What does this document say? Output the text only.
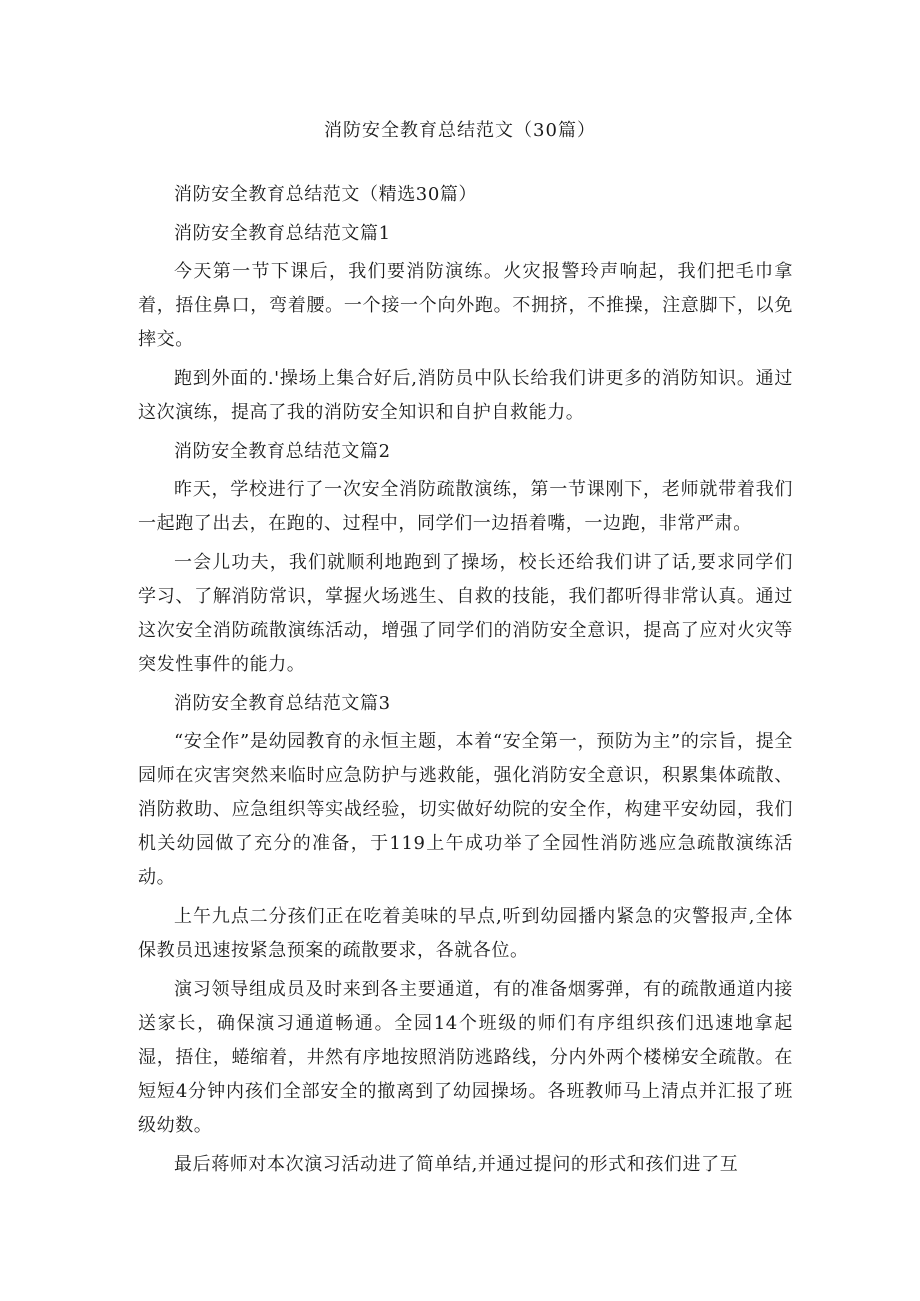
消防安全教育总结范文（30篇）

消防安全教育总结范文（精选30篇）

消防安全教育总结范文篇1

今天第一节下课后，我们要消防演练。火灾报警玲声响起，我们把毛巾拿着，捂住鼻口，弯着腰。一个接一个向外跑。不拥挤，不推操，注意脚下，以免摔交。

跑到外面的.'操场上集合好后,消防员中队长给我们讲更多的消防知识。通过这次演练，提高了我的消防安全知识和自护自救能力。

消防安全教育总结范文篇2

昨天，学校进行了一次安全消防疏散演练，第一节课刚下，老师就带着我们一起跑了出去，在跑的、过程中，同学们一边捂着嘴，一边跑，非常严肃。

一会儿功夫，我们就顺利地跑到了操场，校长还给我们讲了话,要求同学们学习、了解消防常识，掌握火场逃生、自救的技能，我们都听得非常认真。通过这次安全消防疏散演练活动，增强了同学们的消防安全意识，提高了应对火灾等突发性事件的能力。

消防安全教育总结范文篇3

“安全作”是幼园教育的永恒主题，本着“安全第一，预防为主”的宗旨，提全园师在灾害突然来临时应急防护与逃救能，强化消防安全意识，积累集体疏散、消防救助、应急组织等实战经验，切实做好幼院的安全作，构建平安幼园，我们机关幼园做了充分的准备，于119上午成功举了全园性消防逃应急疏散演练活动。

上午九点二分孩们正在吃着美味的早点,听到幼园播内紧急的灾警报声,全体保教员迅速按紧急预案的疏散要求，各就各位。

演习领导组成员及时来到各主要通道，有的准备烟雾弹，有的疏散通道内接送家长，确保演习通道畅通。全园14个班级的师们有序组织孩们迅速地拿起湿，捂住，蜷缩着，井然有序地按照消防逃路线，分内外两个楼梯安全疏散。在短短4分钟内孩们全部安全的撤离到了幼园操场。各班教师马上清点并汇报了班级幼数。

最后蒋师对本次演习活动进了简单结,并通过提问的形式和孩们进了互
